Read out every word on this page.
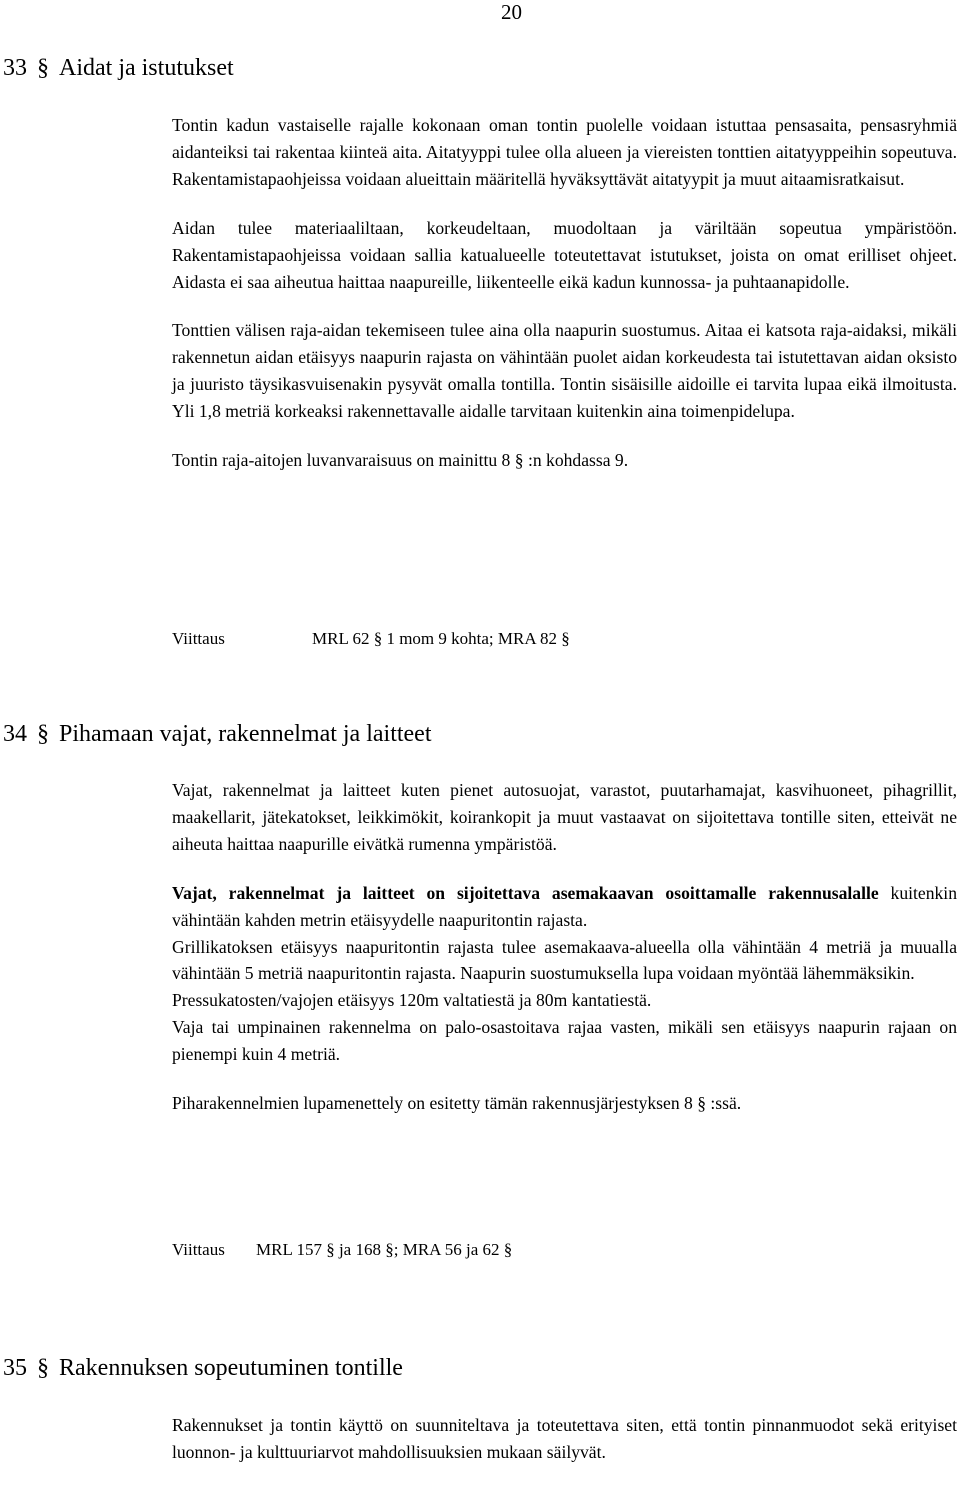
20
33 § Aidat ja istutukset

Tontin kadun vastaiselle rajalle kokonaan oman tontin puolelle voidaan istuttaa pensasaita, pensasryhmiä aidanteiksi tai rakentaa kiinteä aita. Aitatyyppi tulee olla alueen ja viereisten tonttien aitatyyppeihin sopeutuva. Rakentamistapaohjeissa voidaan alueittain määritellä hyväksyttävät aitatyypit ja muut aitaamisratkaisut.

Aidan tulee materiaaliltaan, korkeudeltaan, muodoltaan ja väriltään sopeutua ympäristöön. Rakentamistapaohjeissa voidaan sallia katualueelle toteutettavat istutukset, joista on omat erilliset ohjeet. Aidasta ei saa aiheutua haittaa naapureille, liikenteelle eikä kadun kunnossa- ja puhtaanapidolle.

Tonttien välisen raja-aidan tekemiseen tulee aina olla naapurin suostumus. Aitaa ei katsota raja-aidaksi, mikäli rakennetun aidan etäisyys naapurin rajasta on vähintään puolet aidan korkeudesta tai istutettavan aidan oksisto ja juuristo täysikasvuisenakin pysyvät omalla tontilla. Tontin sisäisille aidoille ei tarvita lupaa eikä ilmoitusta. Yli 1,8 metriä korkeaksi rakennettavalle aidalle tarvitaan kuitenkin aina toimenpidelupa.

Tontin raja-aitojen luvanvaraisuus on mainittu 8 § :n kohdassa 9.

Viittaus	MRL 62 § 1 mom 9 kohta; MRA 82 §
34 § Pihamaan vajat, rakennelmat ja laitteet

Vajat, rakennelmat ja laitteet kuten pienet autosuojat, varastot, puutarhamajat, kasvihuoneet, pihagrillit, maakellarit, jätekatokset, leikkimökit, koirankopit ja muut vastaavat on sijoitettava tontille siten, etteivät ne aiheuta haittaa naapurille eivätkä rumenna ympäristöä.

Vajat, rakennelmat ja laitteet on sijoitettava asemakaavan osoittamalle rakennusalalle kuitenkin vähintään kahden metrin etäisyydelle naapuritontin rajasta.

Grillikatoksen etäisyys naapuritontin rajasta tulee asemakaava-alueella olla vähintään 4 metriä ja muualla vähintään 5 metriä naapuritontin rajasta. Naapurin suostumuksella lupa voidaan myöntää lähemmäksikin.

Pressukatosten/vajojen etäisyys 120m valtatiestä ja 80m kantatiestä.

Vaja tai umpinainen rakennelma on palo-osastoitava rajaa vasten, mikäli sen etäisyys naapurin rajaan on pienempi kuin 4 metriä.

Piharakennelmien lupamenettely on esitetty tämän rakennusjärjestyksen 8 § :ssä.

Viittaus MRL 157 § ja 168 §; MRA 56 ja 62 §
35 § Rakennuksen sopeutuminen tontille

Rakennukset ja tontin käyttö on suunniteltava ja toteutettava siten, että tontin pinnanmuodot sekä erityiset luonnon- ja kulttuuriarvot mahdollisuuksien mukaan säilyvät.
